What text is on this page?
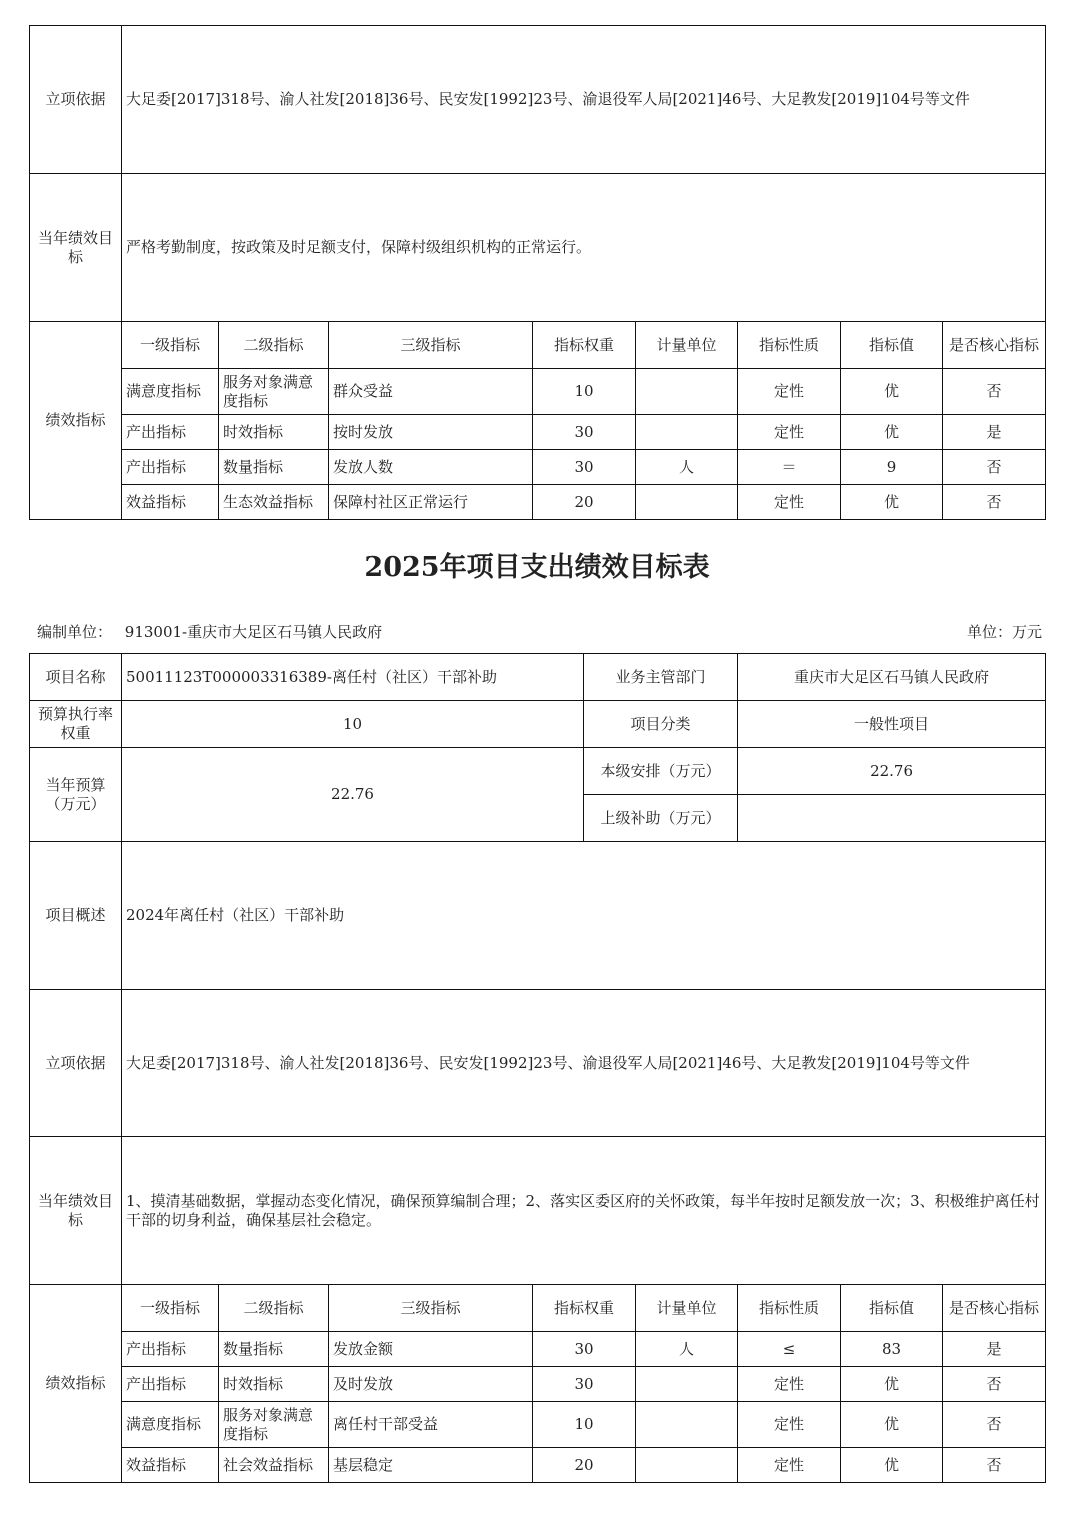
立项依据	大足委[2017]318号、渝人社发[2018]36号、民安发[1992]23号、渝退役军人局[2021]46号、大足教发[2019]104号等文件							
当年绩效目标	严格考勤制度，按政策及时足额支付，保障村级组织机构的正常运行。							
绩效指标	一级指标	二级指标	三级指标	指标权重	计量单位	指标性质	指标值	是否核心指标
	满意度指标	服务对象满意度指标	群众受益	10		定性	优	否
	产出指标	时效指标	按时发放	30		定性	优	是
	产出指标	数量指标	发放人数	30	人	＝	9	否
	效益指标	生态效益指标	保障村社区正常运行	20		定性	优	否
2025年项目支出绩效目标表
编制单位： 913001-重庆市大足区石马镇人民政府	单位：万元
项目名称	50011123T000003316389-离任村（社区）干部补助				业务主管部门		重庆市大足区石马镇人民政府		
预算执行率权重	10				项目分类		一般性项目		
当年预算（万元）	22.76				本级安排（万元）		22.76		
					上级补助（万元）				
项目概述	2024年离任村（社区）干部补助								
立项依据	大足委[2017]318号、渝人社发[2018]36号、民安发[1992]23号、渝退役军人局[2021]46号、大足教发[2019]104号等文件								
当年绩效目标	1、摸清基础数据，掌握动态变化情况，确保预算编制合理；2、落实区委区府的关怀政策，每半年按时足额发放一次；3、积极维护离任村干部的切身利益，确保基层社会稳定。								
绩效指标	一级指标	二级指标	三级指标	指标权重		计量单位	指标性质	指标值	是否核心指标
	产出指标	数量指标	发放金额	30		人	≤	83	是
	产出指标	时效指标	及时发放	30			定性	优	否
	满意度指标	服务对象满意度指标	离任村干部受益	10			定性	优	否
	效益指标	社会效益指标	基层稳定	20			定性	优	否
